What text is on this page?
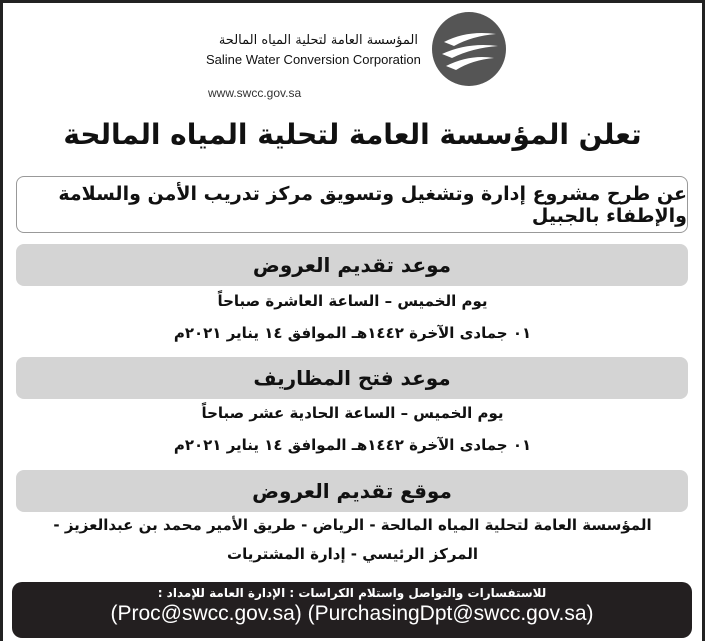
المؤسسة العامة لتحلية المياه المالحة
Saline Water Conversion Corporation
www.swcc.gov.sa
تعلن المؤسسة العامة لتحلية المياه المالحة
عن طرح مشروع إدارة وتشغيل وتسويق مركز تدريب الأمن والسلامة والإطفاء بالجبيل
موعد تقديم العروض
يوم الخميس – الساعة العاشرة صباحاً
٠١ جمادى الآخرة ١٤٤٢هـ الموافق ١٤ يناير ٢٠٢١م
موعد فتح المظاريف
يوم الخميس – الساعة الحادية عشر صباحاً
٠١ جمادى الآخرة ١٤٤٢هـ الموافق ١٤ يناير ٢٠٢١م
موقع تقديم العروض
المؤسسة العامة لتحلية المياه المالحة - الرياض - طريق الأمير محمد بن عبدالعزيز -
المركز الرئيسي - إدارة المشتريات
للاستفسارات والتواصل واستلام الكراسات : الإدارة العامة للإمداد :
(Proc@swcc.gov.sa) (PurchasingDpt@swcc.gov.sa)
